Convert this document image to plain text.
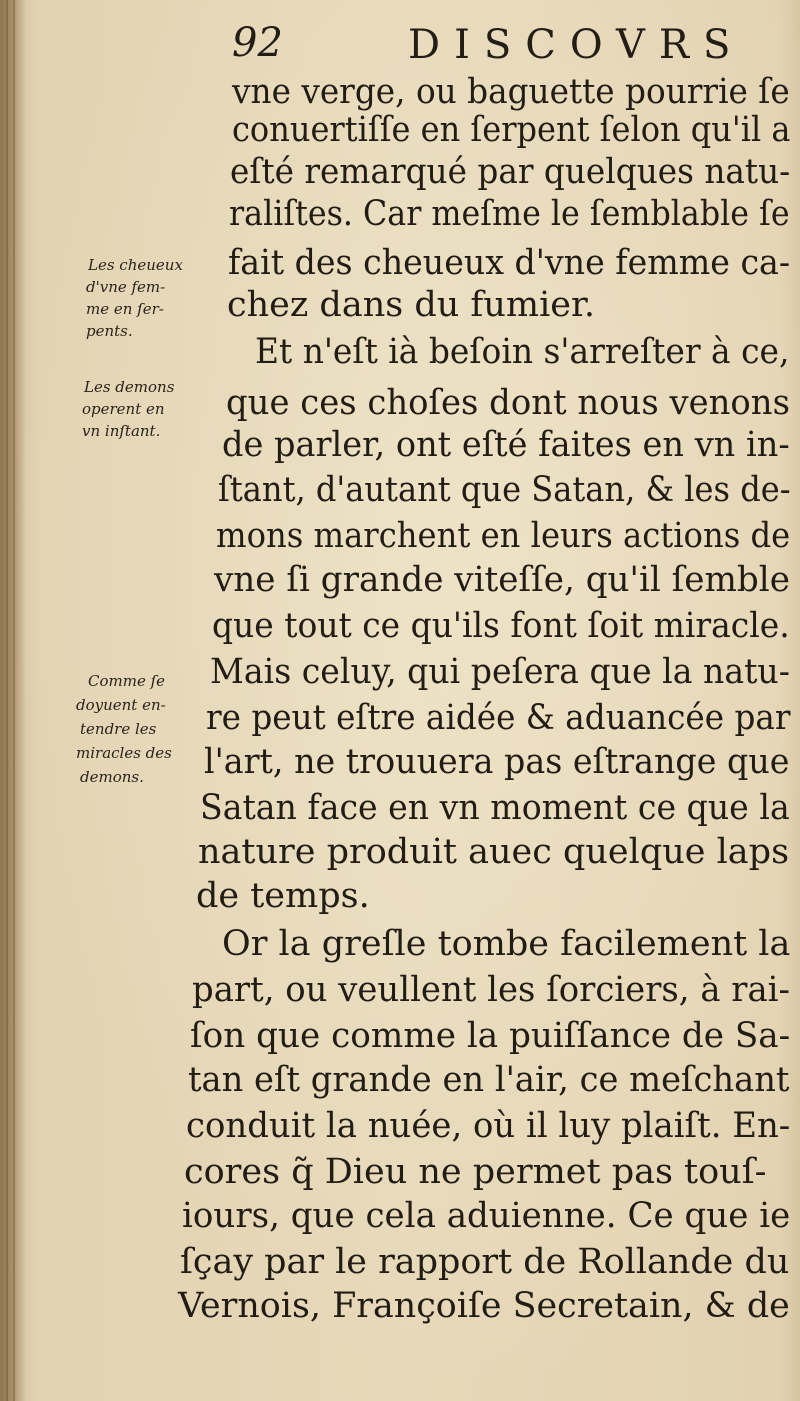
92	DISCOVRS
vne verge, ou baguette pourrie ſe
conuertiſſe en ſerpent ſelon qu'il a
eſté remarqué par quelques natu-
raliſtes. Car meſme le ſemblable ſe
fait des cheueux d'vne femme ca-
chez dans du fumier.
Et n'eſt ià beſoin s'arreſter à ce,
que ces choſes dont nous venons
de parler, ont eſté faites en vn in-
ſtant, d'autant que Satan, & les de-
mons marchent en leurs actions de
vne ſi grande viteſſe, qu'il ſemble
que tout ce qu'ils font ſoit miracle.
Mais celuy, qui peſera que la natu-
re peut eſtre aidée & aduancée par
l'art, ne trouuera pas eſtrange que
Satan face en vn moment ce que la
nature produit auec quelque laps
de temps.
Or la greſle tombe facilement la
part, ou veullent les ſorciers, à rai-
ſon que comme la puiſſance de Sa-
tan eſt grande en l'air, ce meſchant
conduit la nuée, où il luy plaiſt. En-
cores q̃ Dieu ne permet pas touſ-
iours, que cela aduienne. Ce que ie
ſçay par le rapport de Rollande du
Vernois, Françoiſe Secretain, & de
Les cheueux
d'vne fem-
me en ſer-
pents.
Les demons
operent en
vn inſtant.
Comme ſe
doyuent en-
tendre les
miracles des
demons.
